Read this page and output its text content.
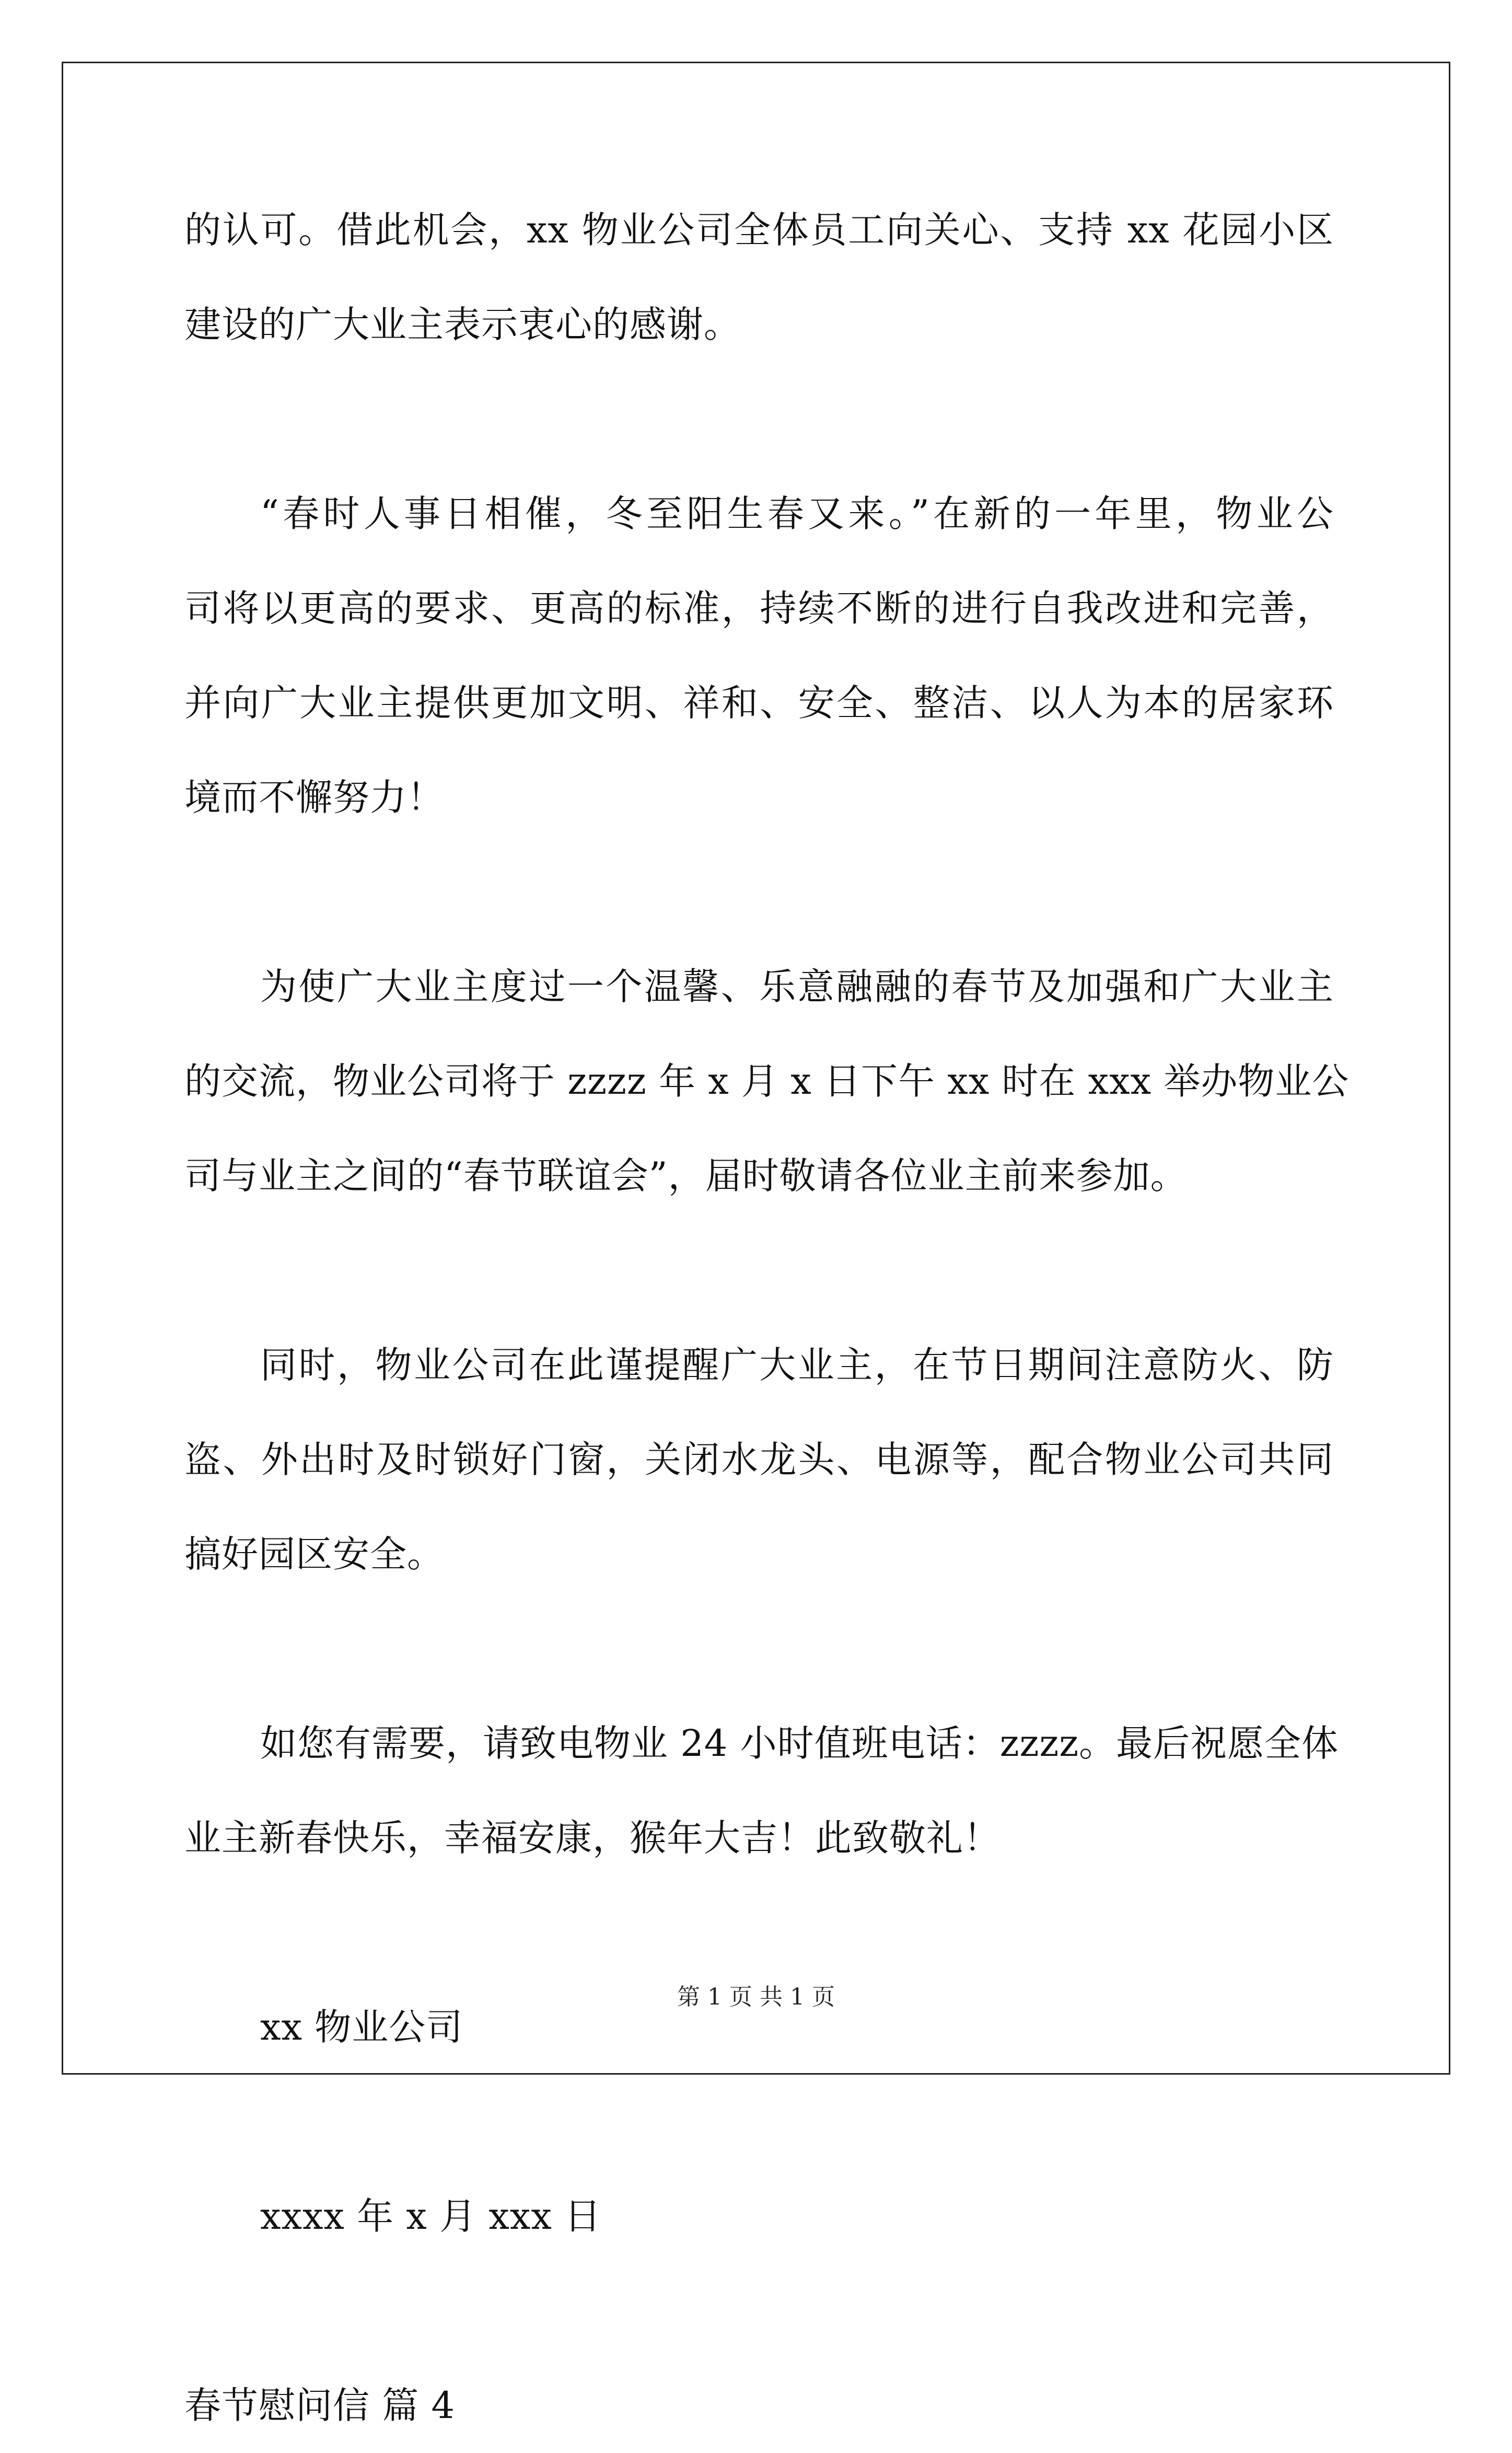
的认可。借此机会，xx 物业公司全体员工向关心、支持 xx 花园小区
建设的广大业主表示衷心的感谢。
“春时人事日相催，冬至阳生春又来。”在新的一年里，物业公
司将以更高的要求、更高的标准，持续不断的进行自我改进和完善，
并向广大业主提供更加文明、祥和、安全、整洁、以人为本的居家环
境而不懈努力！
为使广大业主度过一个温馨、乐意融融的春节及加强和广大业主
的交流，物业公司将于 zzzz 年 x 月 x 日下午 xx 时在 xxx 举办物业公
司与业主之间的“春节联谊会”，届时敬请各位业主前来参加。
同时，物业公司在此谨提醒广大业主，在节日期间注意防火、防
盗、外出时及时锁好门窗，关闭水龙头、电源等，配合物业公司共同
搞好园区安全。
如您有需要，请致电物业 24 小时值班电话：zzzz。最后祝愿全体
业主新春快乐，幸福安康，猴年大吉！此致敬礼！
xx 物业公司
xxxx 年 x 月 xxx 日
春节慰问信 篇 4
第 1 页 共 1 页
